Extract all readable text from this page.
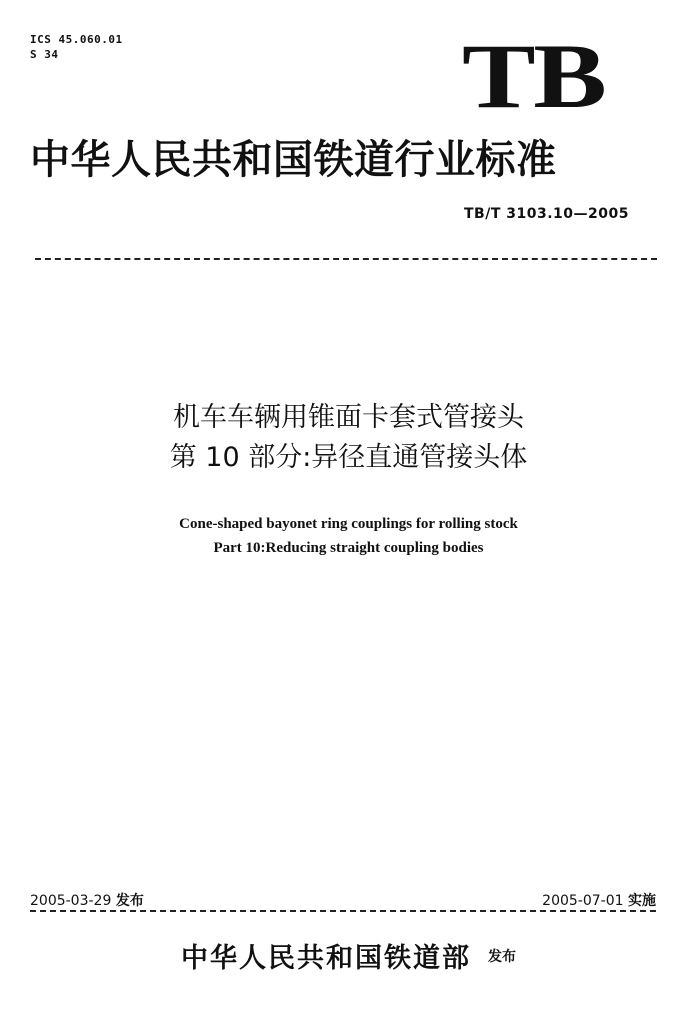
ICS 45.060.01
S 34	TB
中华人民共和国铁道行业标准
TB/T 3103.10—2005
机车车辆用锥面卡套式管接头
第 10 部分:异径直通管接头体
Cone-shaped bayonet ring couplings for rolling stock
Part 10:Reducing straight coupling bodies
2005-03-29 发布	2005-07-01 实施
中华人民共和国铁道部 发布
